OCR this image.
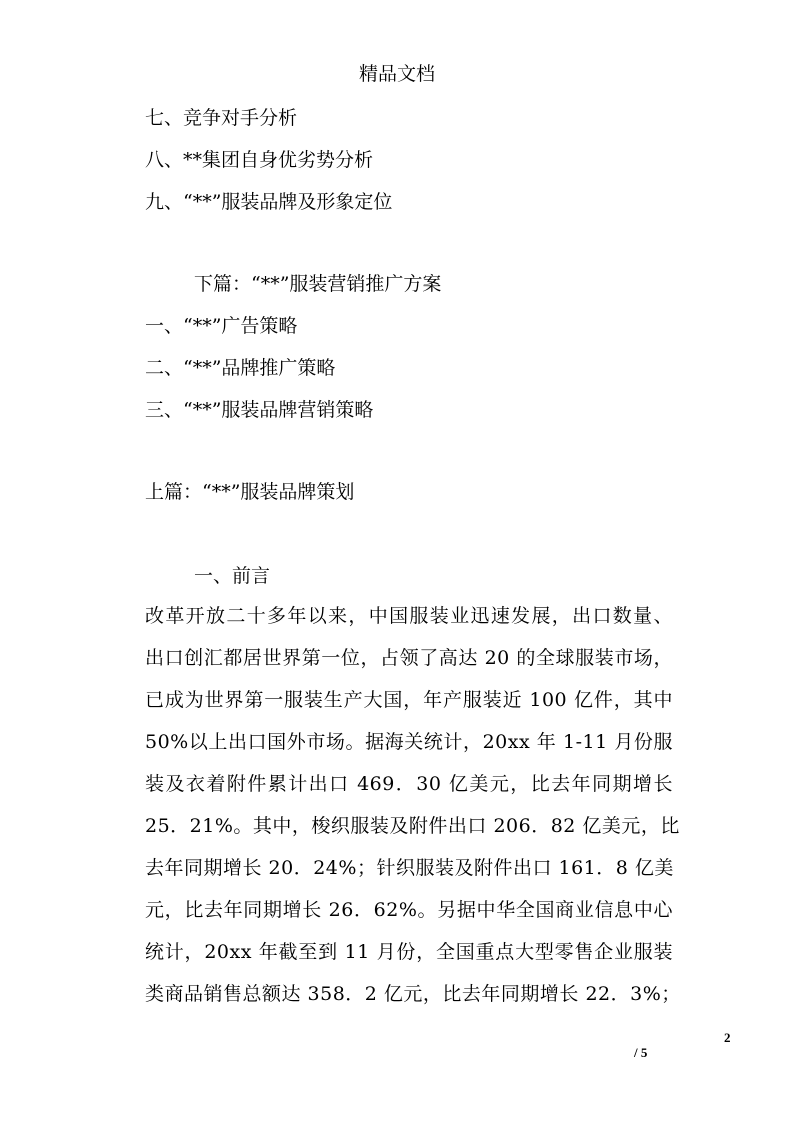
精品文档
七、竞争对手分析
八、**集团自身优劣势分析
九、“**”服装品牌及形象定位
下篇：“**”服装营销推广方案
一、“**”广告策略
二、“**”品牌推广策略
三、“**”服装品牌营销策略
上篇：“**”服装品牌策划
一、前言
改革开放二十多年以来，中国服装业迅速发展，出口数量、
出口创汇都居世界第一位，占领了高达 20 的全球服装市场，
已成为世界第一服装生产大国，年产服装近 100 亿件，其中
50%以上出口国外市场。据海关统计，20xx 年 1-11 月份服
装及衣着附件累计出口 469．30 亿美元，比去年同期增长
25．21%。其中，梭织服装及附件出口 206．82 亿美元，比
去年同期增长 20．24%；针织服装及附件出口 161．8 亿美
元，比去年同期增长 26．62%。另据中华全国商业信息中心
统计，20xx 年截至到 11 月份，全国重点大型零售企业服装
类商品销售总额达 358．2 亿元，比去年同期增长 22．3%；
2
/ 5
